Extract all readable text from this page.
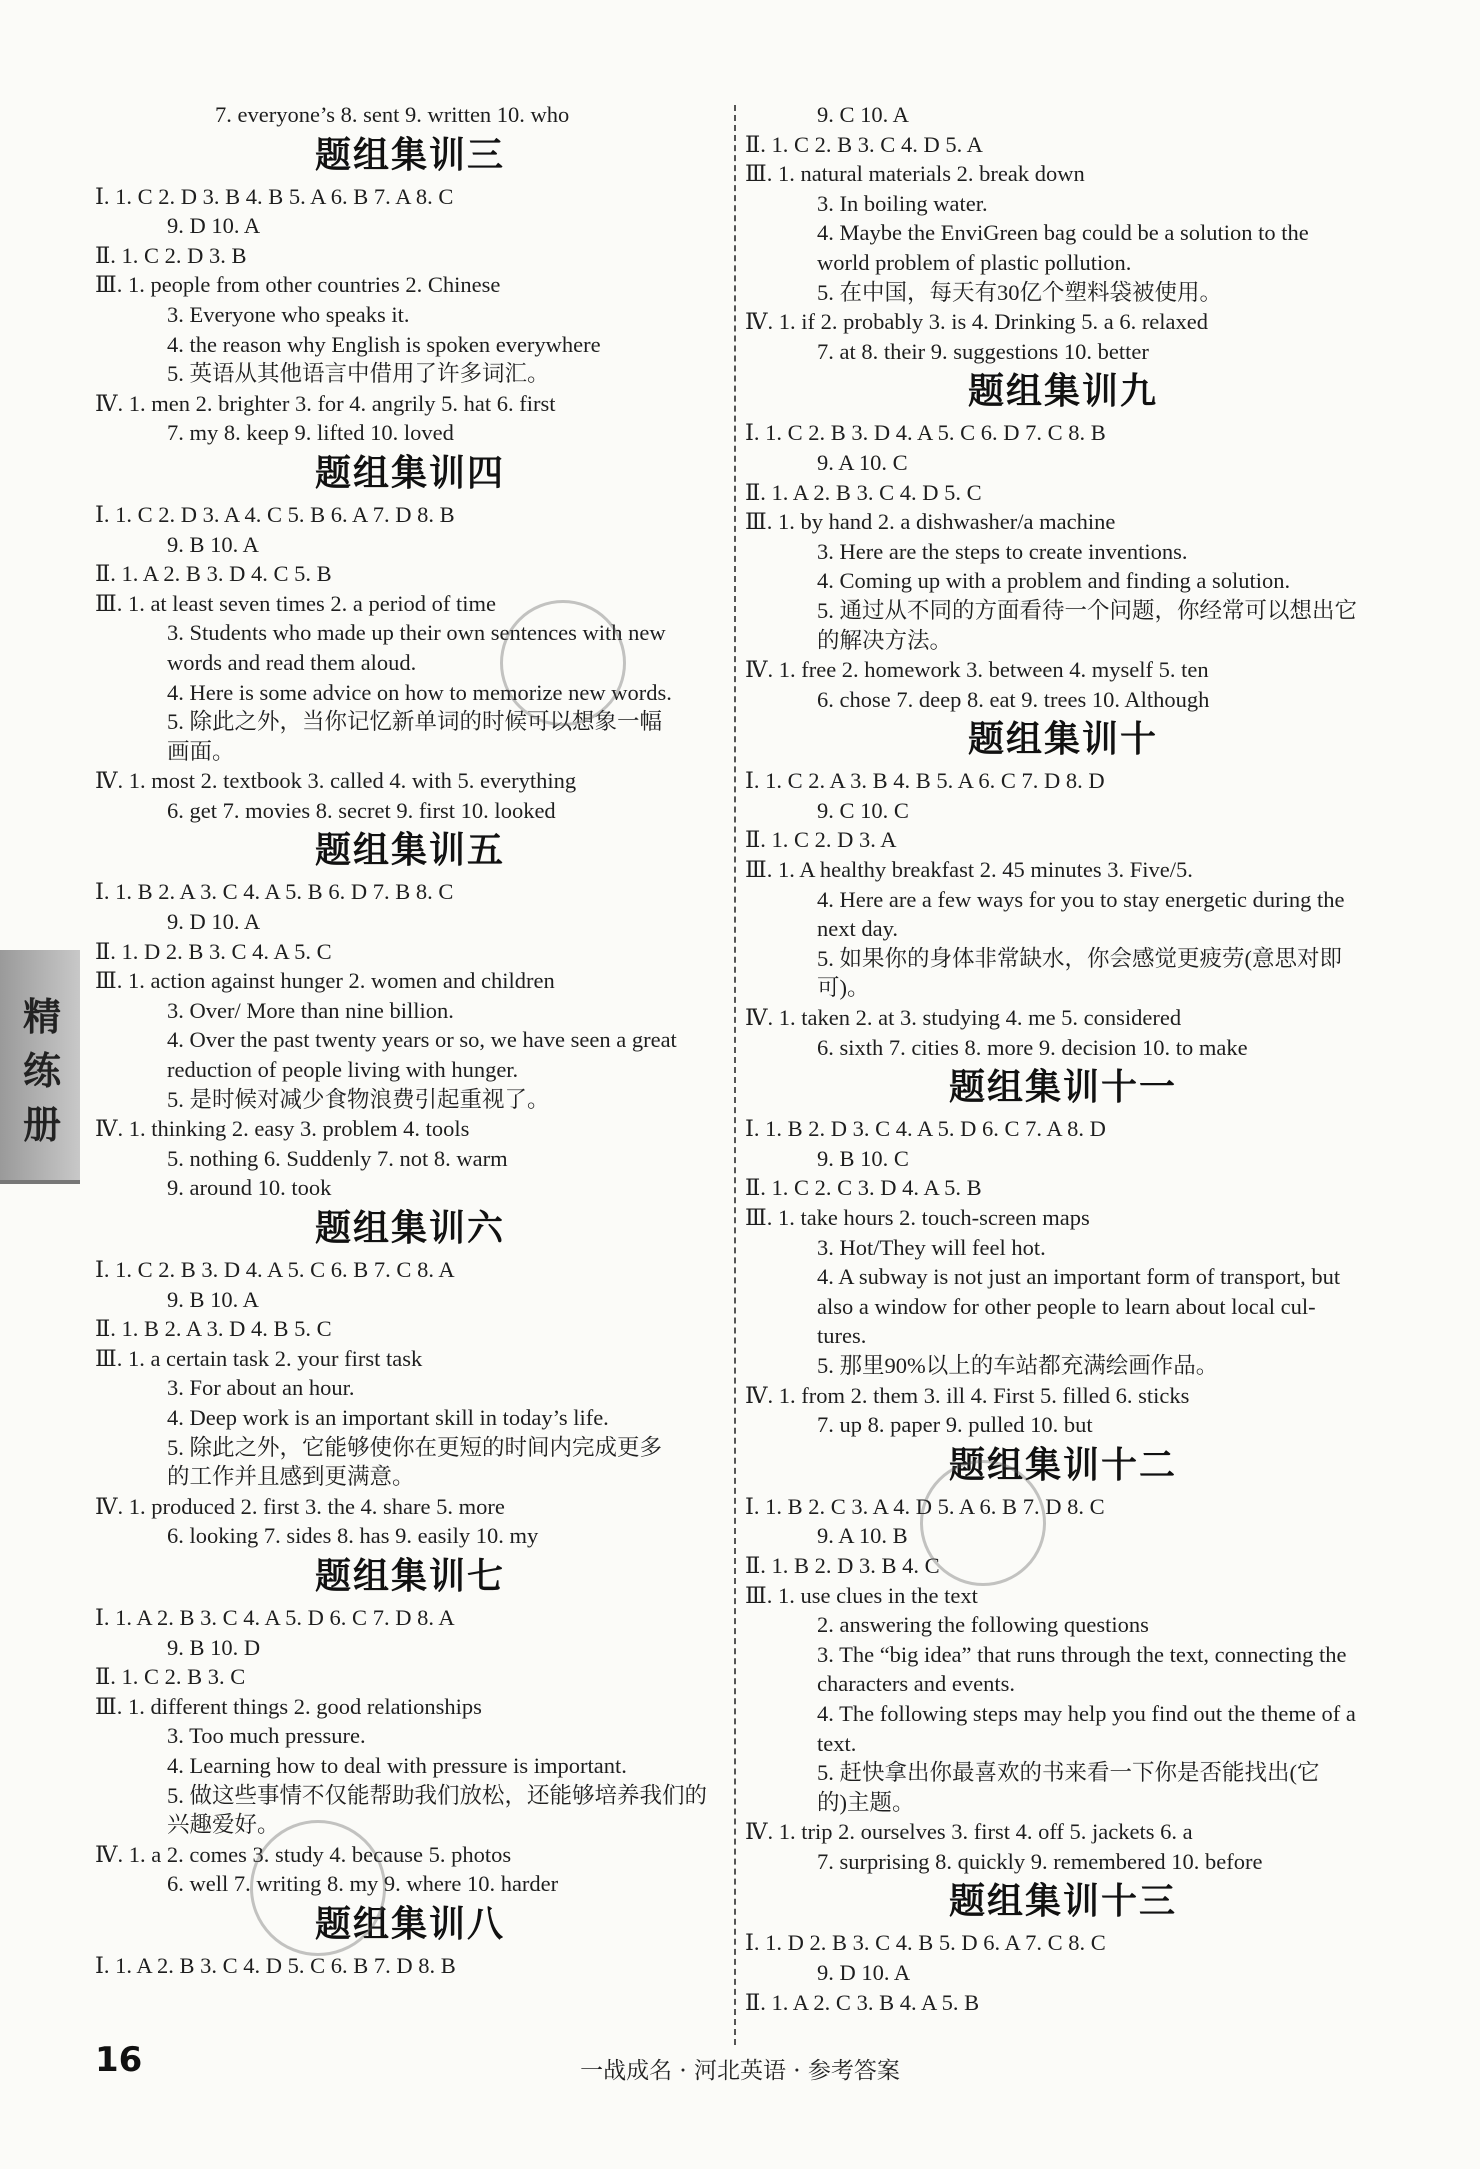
7. everyone’s 8. sent 9. written 10. who
题组集训三
Ⅰ. 1. C 2. D 3. B 4. B 5. A 6. B 7. A 8. C
9. D 10. A
Ⅱ. 1. C 2. D 3. B
Ⅲ. 1. people from other countries 2. Chinese
3. Everyone who speaks it.
4. the reason why English is spoken everywhere
5. 英语从其他语言中借用了许多词汇。
Ⅳ. 1. men 2. brighter 3. for 4. angrily 5. hat 6. first
7. my 8. keep 9. lifted 10. loved
题组集训四
Ⅰ. 1. C 2. D 3. A 4. C 5. B 6. A 7. D 8. B
9. B 10. A
Ⅱ. 1. A 2. B 3. D 4. C 5. B
Ⅲ. 1. at least seven times 2. a period of time
3. Students who made up their own sentences with new
words and read them aloud.
4. Here is some advice on how to memorize new words.
5. 除此之外，当你记忆新单词的时候可以想象一幅
画面。
Ⅳ. 1. most 2. textbook 3. called 4. with 5. everything
6. get 7. movies 8. secret 9. first 10. looked
题组集训五
Ⅰ. 1. B 2. A 3. C 4. A 5. B 6. D 7. B 8. C
9. D 10. A
Ⅱ. 1. D 2. B 3. C 4. A 5. C
Ⅲ. 1. action against hunger 2. women and children
3. Over/ More than nine billion.
4. Over the past twenty years or so, we have seen a great
reduction of people living with hunger.
5. 是时候对减少食物浪费引起重视了。
Ⅳ. 1. thinking 2. easy 3. problem 4. tools
5. nothing 6. Suddenly 7. not 8. warm
9. around 10. took
题组集训六
Ⅰ. 1. C 2. B 3. D 4. A 5. C 6. B 7. C 8. A
9. B 10. A
Ⅱ. 1. B 2. A 3. D 4. B 5. C
Ⅲ. 1. a certain task 2. your first task
3. For about an hour.
4. Deep work is an important skill in today’s life.
5. 除此之外，它能够使你在更短的时间内完成更多
的工作并且感到更满意。
Ⅳ. 1. produced 2. first 3. the 4. share 5. more
6. looking 7. sides 8. has 9. easily 10. my
题组集训七
Ⅰ. 1. A 2. B 3. C 4. A 5. D 6. C 7. D 8. A
9. B 10. D
Ⅱ. 1. C 2. B 3. C
Ⅲ. 1. different things 2. good relationships
3. Too much pressure.
4. Learning how to deal with pressure is important.
5. 做这些事情不仅能帮助我们放松，还能够培养我们的
兴趣爱好。
Ⅳ. 1. a 2. comes 3. study 4. because 5. photos
6. well 7. writing 8. my 9. where 10. harder
题组集训八
Ⅰ. 1. A 2. B 3. C 4. D 5. C 6. B 7. D 8. B
9. C 10. A
Ⅱ. 1. C 2. B 3. C 4. D 5. A
Ⅲ. 1. natural materials 2. break down
3. In boiling water.
4. Maybe the EnviGreen bag could be a solution to the
world problem of plastic pollution.
5. 在中国，每天有30亿个塑料袋被使用。
Ⅳ. 1. if 2. probably 3. is 4. Drinking 5. a 6. relaxed
7. at 8. their 9. suggestions 10. better
题组集训九
Ⅰ. 1. C 2. B 3. D 4. A 5. C 6. D 7. C 8. B
9. A 10. C
Ⅱ. 1. A 2. B 3. C 4. D 5. C
Ⅲ. 1. by hand 2. a dishwasher/a machine
3. Here are the steps to create inventions.
4. Coming up with a problem and finding a solution.
5. 通过从不同的方面看待一个问题，你经常可以想出它
的解决方法。
Ⅳ. 1. free 2. homework 3. between 4. myself 5. ten
6. chose 7. deep 8. eat 9. trees 10. Although
题组集训十
Ⅰ. 1. C 2. A 3. B 4. B 5. A 6. C 7. D 8. D
9. C 10. C
Ⅱ. 1. C 2. D 3. A
Ⅲ. 1. A healthy breakfast 2. 45 minutes 3. Five/5.
4. Here are a few ways for you to stay energetic during the
next day.
5. 如果你的身体非常缺水，你会感觉更疲劳(意思对即
可)。
Ⅳ. 1. taken 2. at 3. studying 4. me 5. considered
6. sixth 7. cities 8. more 9. decision 10. to make
题组集训十一
Ⅰ. 1. B 2. D 3. C 4. A 5. D 6. C 7. A 8. D
9. B 10. C
Ⅱ. 1. C 2. C 3. D 4. A 5. B
Ⅲ. 1. take hours 2. touch-screen maps
3. Hot/They will feel hot.
4. A subway is not just an important form of transport, but
also a window for other people to learn about local cul-
tures.
5. 那里90%以上的车站都充满绘画作品。
Ⅳ. 1. from 2. them 3. ill 4. First 5. filled 6. sticks
7. up 8. paper 9. pulled 10. but
题组集训十二
Ⅰ. 1. B 2. C 3. A 4. D 5. A 6. B 7. D 8. C
9. A 10. B
Ⅱ. 1. B 2. D 3. B 4. C
Ⅲ. 1. use clues in the text
2. answering the following questions
3. The “big idea” that runs through the text, connecting the
characters and events.
4. The following steps may help you find out the theme of a
text.
5. 赶快拿出你最喜欢的书来看一下你是否能找出(它
的)主题。
Ⅳ. 1. trip 2. ourselves 3. first 4. off 5. jackets 6. a
7. surprising 8. quickly 9. remembered 10. before
题组集训十三
Ⅰ. 1. D 2. B 3. C 4. B 5. D 6. A 7. C 8. C
9. D 10. A
Ⅱ. 1. A 2. C 3. B 4. A 5. B
精练册
16	一战成名 · 河北英语 · 参考答案
